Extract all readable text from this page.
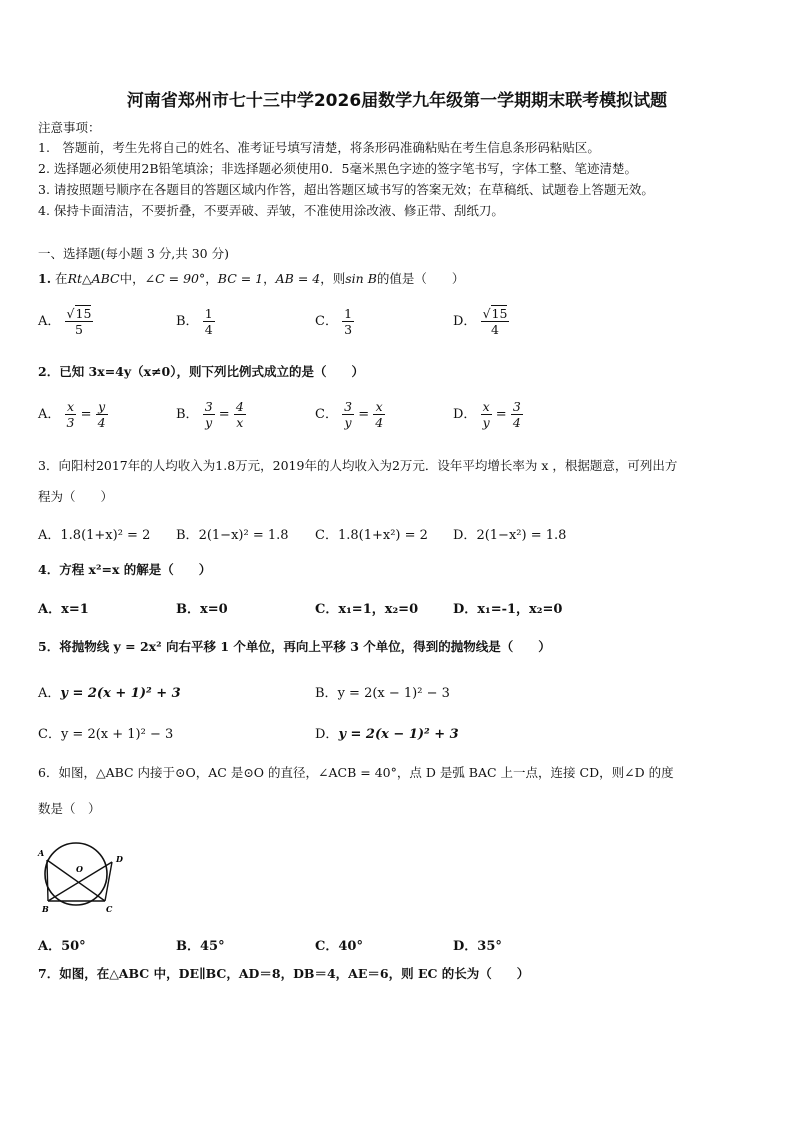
河南省郑州市七十三中学2026届数学九年级第一学期期末联考模拟试题
注意事项：
1.　答题前，考生先将自己的姓名、准考证号填写清楚，将条形码准确粘贴在考生信息条形码粘贴区。
2. 选择题必须使用2B铅笔填涂；非选择题必须使用0．5毫米黑色字迹的签字笔书写，字体工整、笔迹清楚。
3. 请按照题号顺序在各题目的答题区域内作答，超出答题区域书写的答案无效；在草稿纸、试题卷上答题无效。
4. 保持卡面清洁，不要折叠，不要弄破、弄皱，不准使用涂改液、修正带、刮纸刀。
一、选择题(每小题 3 分,共 30 分)
1. 在Rt△ABC中，∠C = 90°，BC = 1，AB = 4，则sin B的值是（　　）
A． $\frac{√15}{5}$	B． $\frac{1}{4}$	C． $\frac{1}{3}$	D． $\frac{√15}{4}$
2．已知 3x=4y（x≠0），则下列比例式成立的是（　　）
A． $\frac{x}{3} = \frac{y}{4}$	B． $\frac{3}{y} = \frac{4}{x}$	C． $\frac{3}{y} = \frac{x}{4}$	D． $\frac{x}{y} = \frac{3}{4}$
3．向阳村2017年的人均收入为1.8万元，2019年的人均收入为2万元．设年平均增长率为 x ，根据题意，可列出方
程为（　　）
A．1.8(1+x)² = 2 B．2(1−x)² = 1.8 C．1.8(1+x²) = 2 D．2(1−x²) = 1.8
4．方程 x²=x 的解是（　　）
A．x=1	B．x=0	C．x₁=1，x₂=0	D．x₁=-1，x₂=0
5．将抛物线 y = 2x² 向右平移 1 个单位，再向上平移 3 个单位，得到的抛物线是（　　）
A．y = 2(x + 1)² + 3	B．y = 2(x − 1)² − 3
C．y = 2(x + 1)² − 3	D．y = 2(x − 1)² + 3
6．如图，△ABC 内接于⊙O，AC 是⊙O 的直径，∠ACB = 40°，点 D 是弧 BAC 上一点，连接 CD，则∠D 的度
数是（　）
A
B	C
D
O
A．50°	B．45°	C．40°	D．35°
7．如图，在△ABC 中，DE∥BC，AD＝8，DB＝4，AE＝6，则 EC 的长为（　　）
